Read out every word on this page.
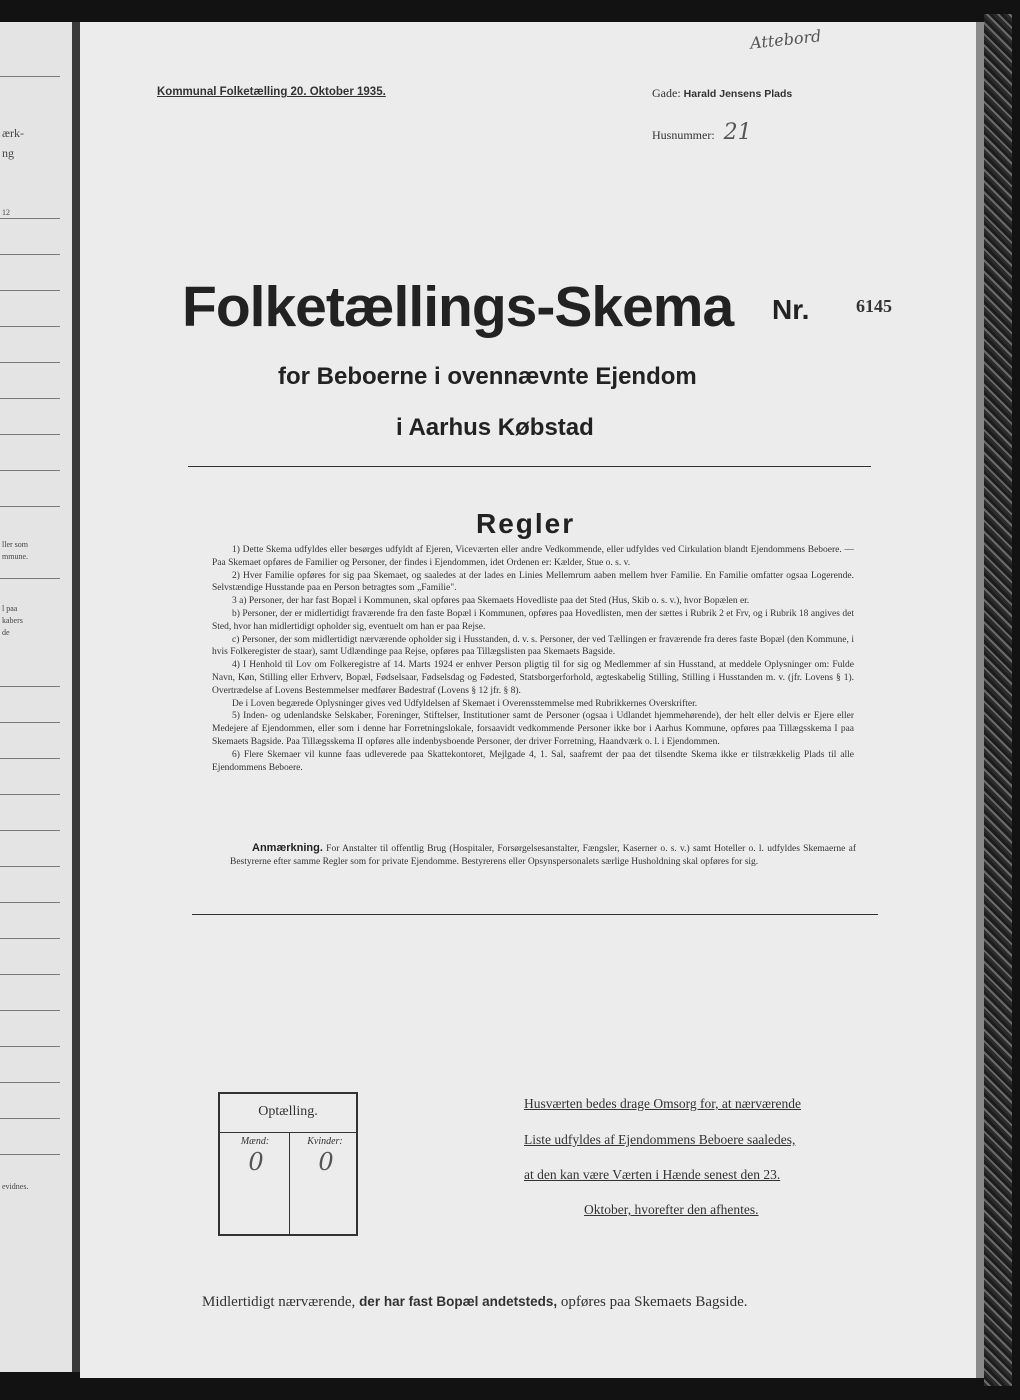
ærk-
ng
12
ller som
mmune.
l paa
kabers
de
evidnes.
Kommunal Folketælling 20. Oktober 1935.	Gade: Harald Jensens Plads
Husnummer: 21
Attebord
Folketællings-Skema Nr.	6145
for Beboerne i ovennævnte Ejendom
i Aarhus Købstad
Regler

1) Dette Skema udfyldes eller besørges udfyldt af Ejeren, Viceværten eller andre Vedkommende, eller udfyldes ved Cirkulation blandt Ejendommens Beboere. — Paa Skemaet opføres de Familier og Personer, der findes i Ejendommen, idet Ordenen er: Kælder, Stue o. s. v.

2) Hver Familie opføres for sig paa Skemaet, og saaledes at der lades en Linies Mellemrum aaben mellem hver Familie. En Familie omfatter ogsaa Logerende. Selvstændige Husstande paa en Person betragtes som „Familie".

3 a) Personer, der har fast Bopæl i Kommunen, skal opføres paa Skemaets Hovedliste paa det Sted (Hus, Skib o. s. v.), hvor Bopælen er.

b) Personer, der er midlertidigt fraværende fra den faste Bopæl i Kommunen, opføres paa Hovedlisten, men der sættes i Rubrik 2 et Frv, og i Rubrik 18 angives det Sted, hvor han midlertidigt opholder sig, eventuelt om han er paa Rejse.

c) Personer, der som midlertidigt nærværende opholder sig i Husstanden, d. v. s. Personer, der ved Tællingen er fraværende fra deres faste Bopæl (den Kommune, i hvis Folkeregister de staar), samt Udlændinge paa Rejse, opføres paa Tillægslisten paa Skemaets Bagside.

4) I Henhold til Lov om Folkeregistre af 14. Marts 1924 er enhver Person pligtig til for sig og Medlemmer af sin Husstand, at meddele Oplysninger om: Fulde Navn, Køn, Stilling eller Erhverv, Bopæl, Fødselsaar, Fødselsdag og Fødested, Statsborgerforhold, ægteskabelig Stilling, Stilling i Husstanden m. v. (jfr. Lovens § 1). Overtrædelse af Lovens Bestemmelser medfører Bødestraf (Lovens § 12 jfr. § 8).

De i Loven begærede Oplysninger gives ved Udfyldelsen af Skemaet i Overensstemmelse med Rubrikkernes Overskrifter.

5) Inden- og udenlandske Selskaber, Foreninger, Stiftelser, Institutioner samt de Personer (ogsaa i Udlandet hjemmehørende), der helt eller delvis er Ejere eller Medejere af Ejendommen, eller som i denne har Forretningslokale, forsaavidt vedkommende Personer ikke bor i Aarhus Kommune, opføres paa Tillægsskema I paa Skemaets Bagside. Paa Tillægsskema II opføres alle indenbysboende Personer, der driver Forretning, Haandværk o. l. i Ejendommen.

6) Flere Skemaer vil kunne faas udleverede paa Skattekontoret, Mejlgade 4, 1. Sal, saafremt der paa det tilsendte Skema ikke er tilstrækkelig Plads til alle Ejendommens Beboere.

Anmærkning. For Anstalter til offentlig Brug (Hospitaler, Forsørgelsesanstalter, Fængsler, Kaserner o. s. v.) samt Hoteller o. l. udfyldes Skemaerne af Bestyrerne efter samme Regler som for private Ejendomme. Bestyrerens eller Opsynspersonalets særlige Husholdning skal opføres for sig.
Optælling.
Mænd:	Kvinder:
0	0
Husværten bedes drage Omsorg for, at nærværende
Liste udfyldes af Ejendommens Beboere saaledes,
at den kan være Værten i Hænde senest den 23.
Oktober, hvorefter den afhentes.
Midlertidigt nærværende, der har fast Bopæl andetsteds, opføres paa Skemaets Bagside.
